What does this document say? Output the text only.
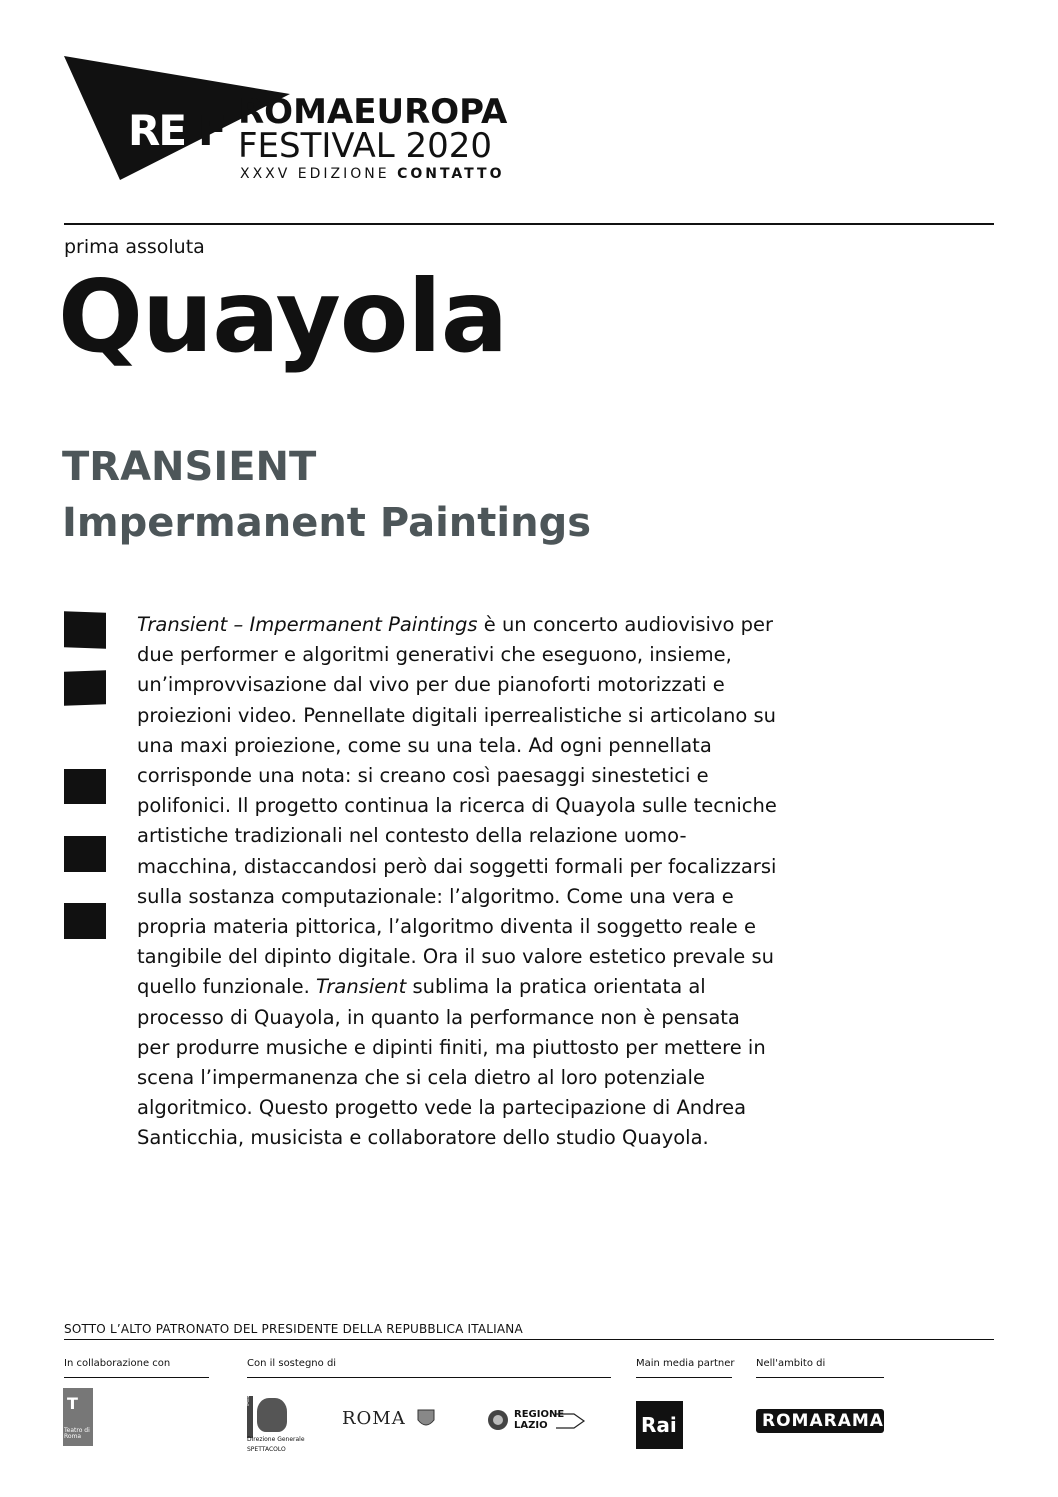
RE F ROMAEUROPA
FESTIVAL 2020
XXXV EDIZIONE CONTATTO
prima assoluta
Quayola
TRANSIENT
Impermanent Paintings

Transient – Impermanent Paintings è un concerto audiovisivo per due performer e algoritmi generativi che eseguono, insieme, un’improvvisazione dal vivo per due pianoforti motorizzati e proiezioni video. Pennellate digitali iperrealistiche si articolano su una maxi proiezione, come su una tela. Ad ogni pennellata corrisponde una nota: si creano così paesaggi sinestetici e polifonici. Il progetto continua la ricerca di Quayola sulle tecniche artistiche tradizionali nel contesto della relazione uomo-macchina, distaccandosi però dai soggetti formali per focalizzarsi sulla sostanza computazionale: l’algoritmo. Come una vera e propria materia pittorica, l’algoritmo diventa il soggetto reale e tangibile del dipinto digitale. Ora il suo valore estetico prevale su quello funzionale. Transient sublima la pratica orientata al processo di Quayola, in quanto la performance non è pensata per produrre musiche e dipinti finiti, ma piuttosto per mettere in scena l’impermanenza che si cela dietro al loro potenziale algoritmico. Questo progetto vede la partecipazione di Andrea Santicchia, musicista e collaboratore dello studio Quayola.

SOTTO L’ALTO PATRONATO DEL PRESIDENTE DELLA REPUBBLICA ITALIANA
In collaborazione con	Con il sostegno di	Main media partner Nell'ambito di
Teatro di Roma
T	MiBACT
Direzione Generale
SPETTACOLO
ROMA	REGIONE
LAZIO	Rai	ROMARAMA
